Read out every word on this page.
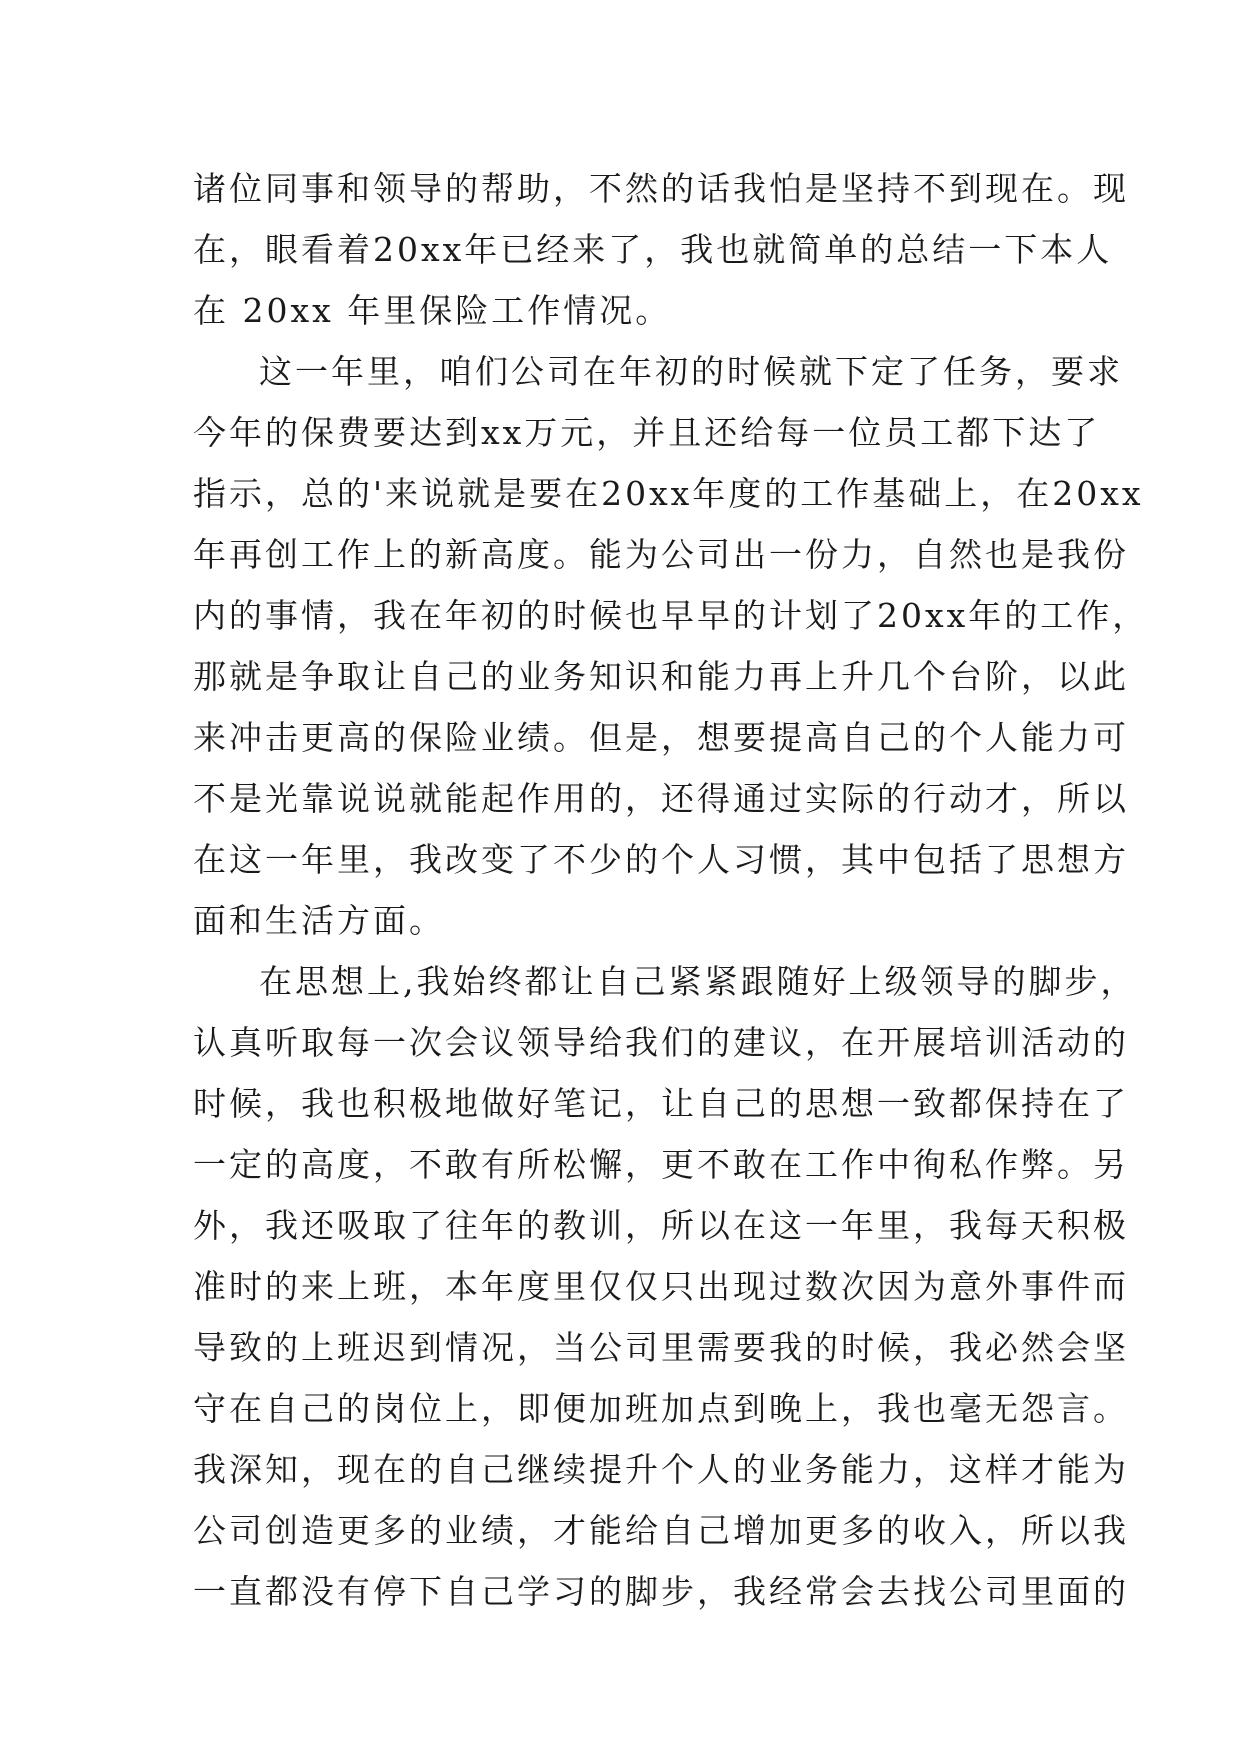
诸 位 同 事 和 领 导 的 帮 助 ， 不 然 的 话 我 怕 是 坚 持 不 到 现 在 。 现
在 ， 眼 看 着 20xx 年 已 经 来 了 ， 我 也 就 简 单 的 总 结 一 下 本 人
在 20xx 年里保险工作情况。
这 一 年 里 ， 咱 们 公 司 在 年 初 的 时 候 就 下 定 了 任 务 ， 要 求
今 年 的 保 费 要 达 到 xx 万 元 ， 并 且 还 给 每 一 位 员 工 都 下 达 了
指 示 ， 总 的 ' 来 说 就 是 要 在 20xx 年 度 的 工 作 基 础 上 ， 在 20xx
年 再 创 工 作 上 的 新 高 度 。 能 为 公 司 出 一 份 力 ， 自 然 也 是 我 份
内 的 事 情 ， 我 在 年 初 的 时 候 也 早 早 的 计 划 了 20xx 年 的 工 作 ，
那 就 是 争 取 让 自 己 的 业 务 知 识 和 能 力 再 上 升 几 个 台 阶 ， 以 此
来 冲 击 更 高 的 保 险 业 绩 。 但 是 ， 想 要 提 高 自 己 的 个 人 能 力 可
不 是 光 靠 说 说 就 能 起 作 用 的 ， 还 得 通 过 实 际 的 行 动 才 ， 所 以
在 这 一 年 里 ， 我 改 变 了 不 少 的 个 人 习 惯 ， 其 中 包 括 了 思 想 方
面和生活方面。
在 思 想 上 , 我 始 终 都 让 自 己 紧 紧 跟 随 好 上 级 领 导 的 脚 步 ，
认 真 听 取 每 一 次 会 议 领 导 给 我 们 的 建 议 ， 在 开 展 培 训 活 动 的
时 候 ， 我 也 积 极 地 做 好 笔 记 ， 让 自 己 的 思 想 一 致 都 保 持 在 了
一 定 的 高 度 ， 不 敢 有 所 松 懈 ， 更 不 敢 在 工 作 中 徇 私 作 弊 。 另
外 ， 我 还 吸 取 了 往 年 的 教 训 ， 所 以 在 这 一 年 里 ， 我 每 天 积 极
准 时 的 来 上 班 ， 本 年 度 里 仅 仅 只 出 现 过 数 次 因 为 意 外 事 件 而
导 致 的 上 班 迟 到 情 况 ， 当 公 司 里 需 要 我 的 时 候 ， 我 必 然 会 坚
守 在 自 己 的 岗 位 上 ， 即 便 加 班 加 点 到 晚 上 ， 我 也 毫 无 怨 言 。
我 深 知 ， 现 在 的 自 己 继 续 提 升 个 人 的 业 务 能 力 ， 这 样 才 能 为
公 司 创 造 更 多 的 业 绩 ， 才 能 给 自 己 增 加 更 多 的 收 入 ， 所 以 我
一 直 都 没 有 停 下 自 己 学 习 的 脚 步 ， 我 经 常 会 去 找 公 司 里 面 的
